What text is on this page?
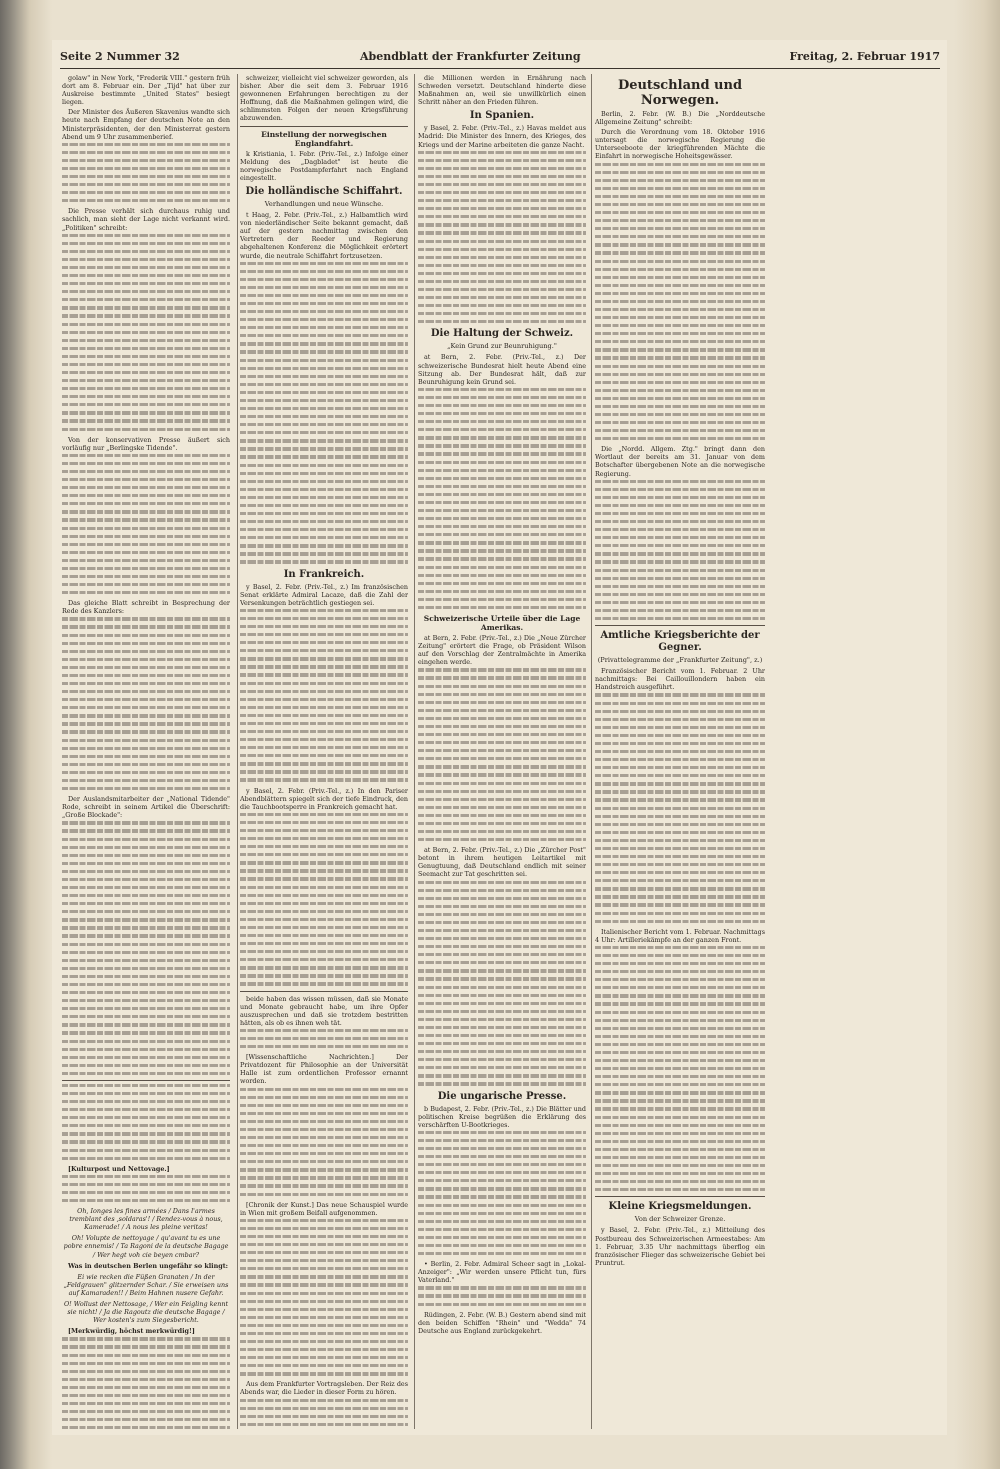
Seite 2 Nummer 32	Abendblatt der Frankfurter Zeitung	Freitag, 2. Februar 1917

golaw" in New York, "Frederik VIII." gestern früh dort am 8. Februar ein. Der „Tijd" hat über zur Auskreise bestimmte „United States" besiegt liegen.

Der Minister des Äußeren Skavenius wandte sich heute nach Empfang der deutschen Note an den Ministerpräsidenten, der den Ministerrat gestern Abend um 9 Uhr zusammenberief.

Die Presse verhält sich durchaus ruhig und sachlich, man sieht der Lage nicht verkannt wird. „Politiken" schreibt:

Von der konservativen Presse äußert sich vorläufig nur „Berlingske Tidende".

Das gleiche Blatt schreibt in Besprechung der Rede des Kanzlers:

Der Auslandsmitarbeiter der „National Tidende" Rode, schreibt in seinem Artikel die Überschrift: „Große Blockade":

[Kulturpost und Nettovage.]

Oh, Ionges les fines armées / Dans l'armes tremblant des ‚soldaras'! / Rendez-vous à nous, Kamerade! / A nous les pleine veritas!

Oh! Volupte de nettoyage / qu'avant tu es une pobre ennemis! / Ta Ragoni de la deutsche Bagage / Wer hegt voh cie beyen cmbar?

Was in deutschen Berlen ungefähr so klingt:

Ei wie recken die Füßen Granaten / In der „Feldgrauen" glitzernder Schar. / Sie erweisen uns auf Kamaraden!! / Beim Hahnen nusere Gefahr.

O! Wollust der Nettosage, / Wer ein Feigling kennt sie nicht! / Ja die Ragoutz die deutsche Bagage / Wer kosten's zum Siegesbericht.

[Merkwürdig, höchst merkwürdig!]

schweizer, vielleicht viel schweizer geworden, als bisher. Aber die seit dem 3. Februar 1916 gewonnenen Erfahrungen berechtigen zu der Hoffnung, daß die Maßnahmen gelingen wird, die schlimmsten Folgen der neuen Kriegsführung abzuwenden.

Einstellung der norwegischen Englandfahrt.

k Kristiania, 1. Febr. (Priv.-Tel., z.) Infolge einer Meldung des „Dagbladet" ist heute die norwegische Postdampferfahrt nach England eingestellt.

Die holländische Schiffahrt.
Verhandlungen und neue Wünsche.

t Haag, 2. Febr. (Priv.-Tel., z.) Halbamtlich wird von niederländischer Seite bekannt gemacht, daß auf der gestern nachmittag zwischen den Vertretern der Reeder und Regierung abgehaltenen Konferenz die Möglichkeit erörtert wurde, die neutrale Schiffahrt fortzusetzen.

In Frankreich.

y Basel, 2. Febr. (Priv.-Tel., z.) Im französischen Senat erklärte Admiral Lacaze, daß die Zahl der Versenkungen beträchtlich gestiegen sei.

y Basel, 2. Febr. (Priv.-Tel., z.) In den Pariser Abendblättern spiegelt sich der tiefe Eindruck, den die Tauchbootsperre in Frankreich gemacht hat.

beide haben das wissen müssen, daß sie Monate und Monate gebraucht habe, um ihre Opfer auszusprechen und daß sie trotzdem bestritten hätten, als ob es ihnen weh tät.

[Wissenschaftliche Nachrichten.] Der Privatdozent für Philosophie an der Universität Halle ist zum ordentlichen Professor ernannt worden.

[Chronik der Kunst.] Das neue Schauspiel wurde in Wien mit großem Beifall aufgenommen.

Aus dem Frankfurter Vortragsleben. Der Reiz des Abends war, die Lieder in dieser Form zu hören.

die Millionen werden in Ernährung nach Schweden versetzt. Deutschland hinderte diese Maßnahmen an, weil sie unwillkürlich einen Schritt näher an den Frieden führen.

In Spanien.

y Basel, 2. Febr. (Priv.-Tel., z.) Havas meldet aus Madrid: Die Minister des Innern, des Krieges, des Kriegs und der Marine arbeiteten die ganze Nacht.

Die Haltung der Schweiz.
„Kein Grund zur Beunruhigung."

at Bern, 2. Febr. (Priv.-Tel., z.) Der schweizerische Bundesrat hielt heute Abend eine Sitzung ab. Der Bundesrat hält, daß zur Beunruhigung kein Grund sei.

Schweizerische Urteile über die Lage Amerikas.

at Bern, 2. Febr. (Priv.-Tel., z.) Die „Neue Zürcher Zeitung" erörtert die Frage, ob Präsident Wilson auf den Vorschlag der Zentralmächte in Amerika eingehen werde.

at Bern, 2. Febr. (Priv.-Tel., z.) Die „Zürcher Post" betont in ihrem heutigen Leitartikel mit Genugtuung, daß Deutschland endlich mit seiner Seemacht zur Tat geschritten sei.

Die ungarische Presse.

b Budapest, 2. Febr. (Priv.-Tel., z.) Die Blätter und politischen Kreise begrüßen die Erklärung des verschärften U-Bootkrieges.

• Berlin, 2. Febr. Admiral Scheer sagt in „Lokal-Anzeiger": „Wir werden unsere Pflicht tun, fürs Vaterland."

Rüdingen, 2. Febr. (W. B.) Gestern abend sind mit den beiden Schiffen "Rhein" und "Wedda" 74 Deutsche aus England zurückgekehrt.

Deutschland und Norwegen.

Berlin, 2. Febr. (W. B.) Die „Norddeutsche Allgemeine Zeitung" schreibt:

Durch die Verordnung vom 18. Oktober 1916 untersagt die norwegische Regierung die Unterseeboote der kriegführenden Mächte die Einfahrt in norwegische Hoheitsgewässer.

Die „Nordd. Allgem. Ztg." bringt dann den Wortlaut der bereits am 31. Januar von dem Botschafter übergebenen Note an die norwegische Regierung.

Amtliche Kriegsberichte der Gegner.
(Privattelegramme der „Frankfurter Zeitung", z.)

Französischer Bericht vom 1. Februar. 2 Uhr nachmittags: Bei Caillouillondern haben ein Handstreich ausgeführt.

Italienischer Bericht vom 1. Februar. Nachmittags 4 Uhr: Artilleriekämpfe an der ganzen Front.

Kleine Kriegsmeldungen.
Von der Schweizer Grenze.

y Basel, 2. Febr. (Priv.-Tel., z.) Mitteilung des Postbureau des Schweizerischen Armeestabes: Am 1. Februar, 3.35 Uhr nachmittags überflog ein französischer Flieger das schweizerische Gebiet bei Pruntrut.
